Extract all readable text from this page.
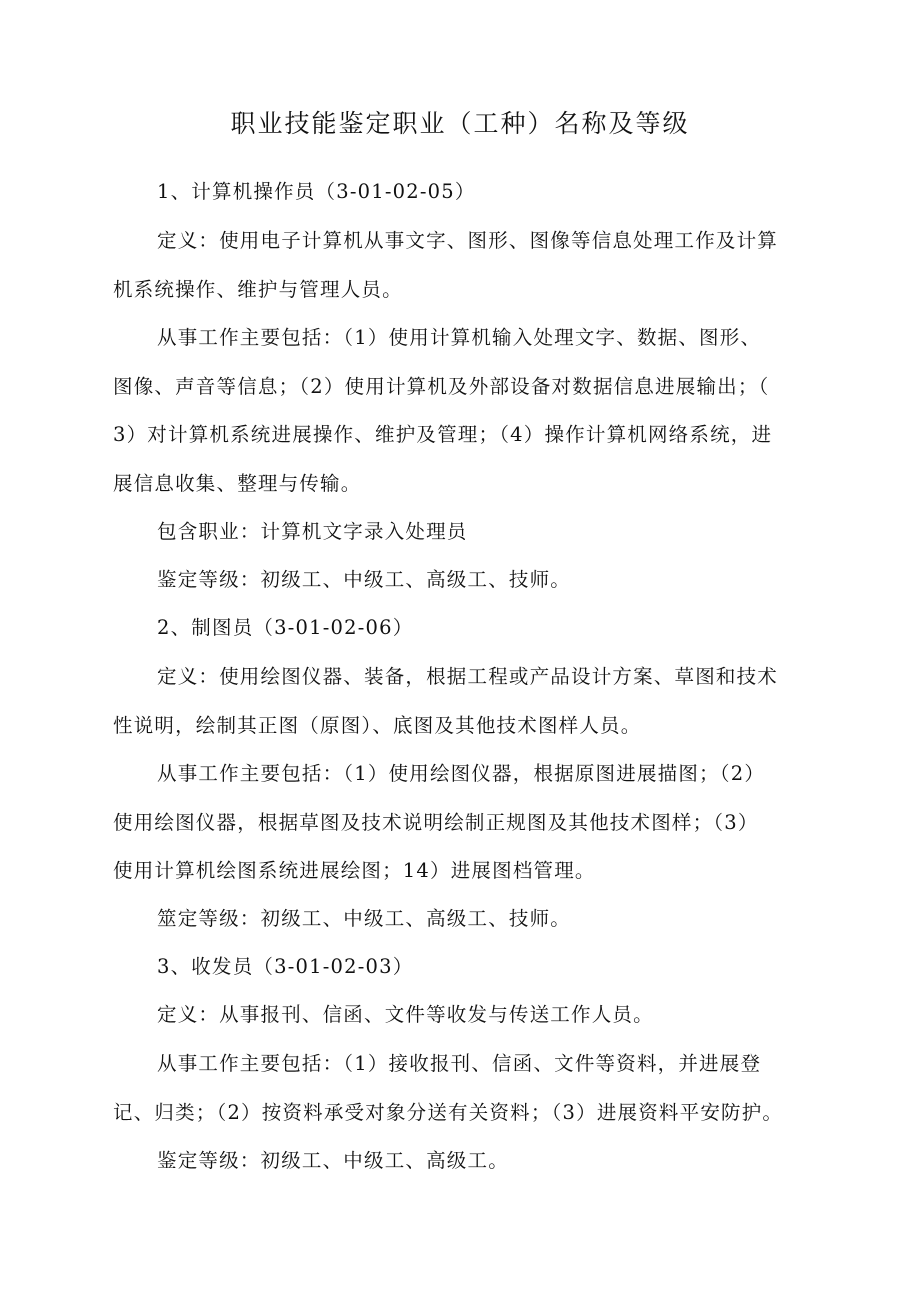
职业技能鉴定职业（工种）名称及等级

1、计算机操作员（3-01-02-05）

定义：使用电子计算机从事文字、图形、图像等信息处理工作及计算
机系统操作、维护与管理人员。

从事工作主要包括：（1）使用计算机输入处理文字、数据、图形、
图像、声音等信息；（2）使用计算机及外部设备对数据信息进展输出；（
3）对计算机系统进展操作、维护及管理；（4）操作计算机网络系统，进
展信息收集、整理与传输。

包含职业：计算机文字录入处理员

鉴定等级：初级工、中级工、高级工、技师。

2、制图员（3-01-02-06）

定义：使用绘图仪器、装备，根据工程或产品设计方案、草图和技术
性说明，绘制其正图（原图）、底图及其他技术图样人员。

从事工作主要包括：（1）使用绘图仪器，根据原图进展描图；（2）
使用绘图仪器，根据草图及技术说明绘制正规图及其他技术图样；（3）
使用计算机绘图系统进展绘图；14）进展图档管理。

筮定等级：初级工、中级工、高级工、技师。

3、收发员（3-01-02-03）

定义：从事报刊、信函、文件等收发与传送工作人员。

从事工作主要包括：（1）接收报刊、信函、文件等资料，并进展登
记、归类；（2）按资料承受对象分送有关资料；（3）进展资料平安防护。

鉴定等级：初级工、中级工、高级工。
